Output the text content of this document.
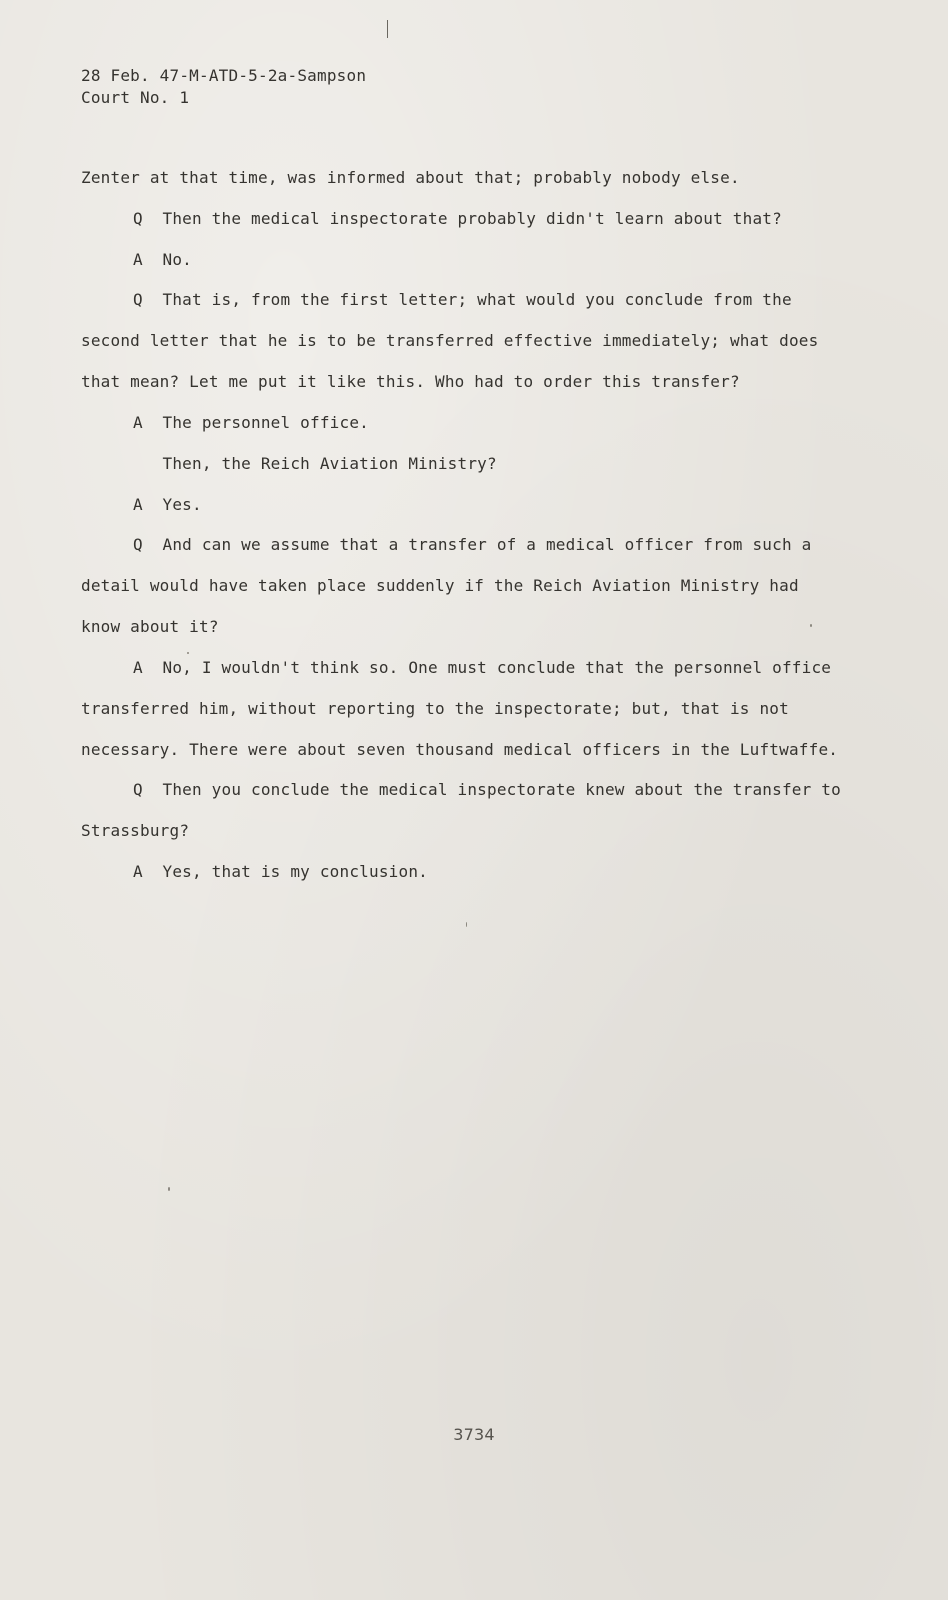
28 Feb. 47-M-ATD-5-2a-Sampson
Court No. 1
Zenter at that time, was informed about that; probably nobody else.
Q  Then the medical inspectorate probably didn't learn about that?
A  No.
Q  That is, from the first letter; what would you conclude from the
second letter that he is to be transferred effective immediately; what does
that mean? Let me put it like this. Who had to order this transfer?
A  The personnel office.
Then, the Reich Aviation Ministry?
A  Yes.
Q  And can we assume that a transfer of a medical officer from such a
detail would have taken place suddenly if the Reich Aviation Ministry had
know about it?
A  No, I wouldn't think so. One must conclude that the personnel office
transferred him, without reporting to the inspectorate; but, that is not
necessary. There were about seven thousand medical officers in the Luftwaffe.
Q  Then you conclude the medical inspectorate knew about the transfer to
Strassburg?
A  Yes, that is my conclusion.
3734
